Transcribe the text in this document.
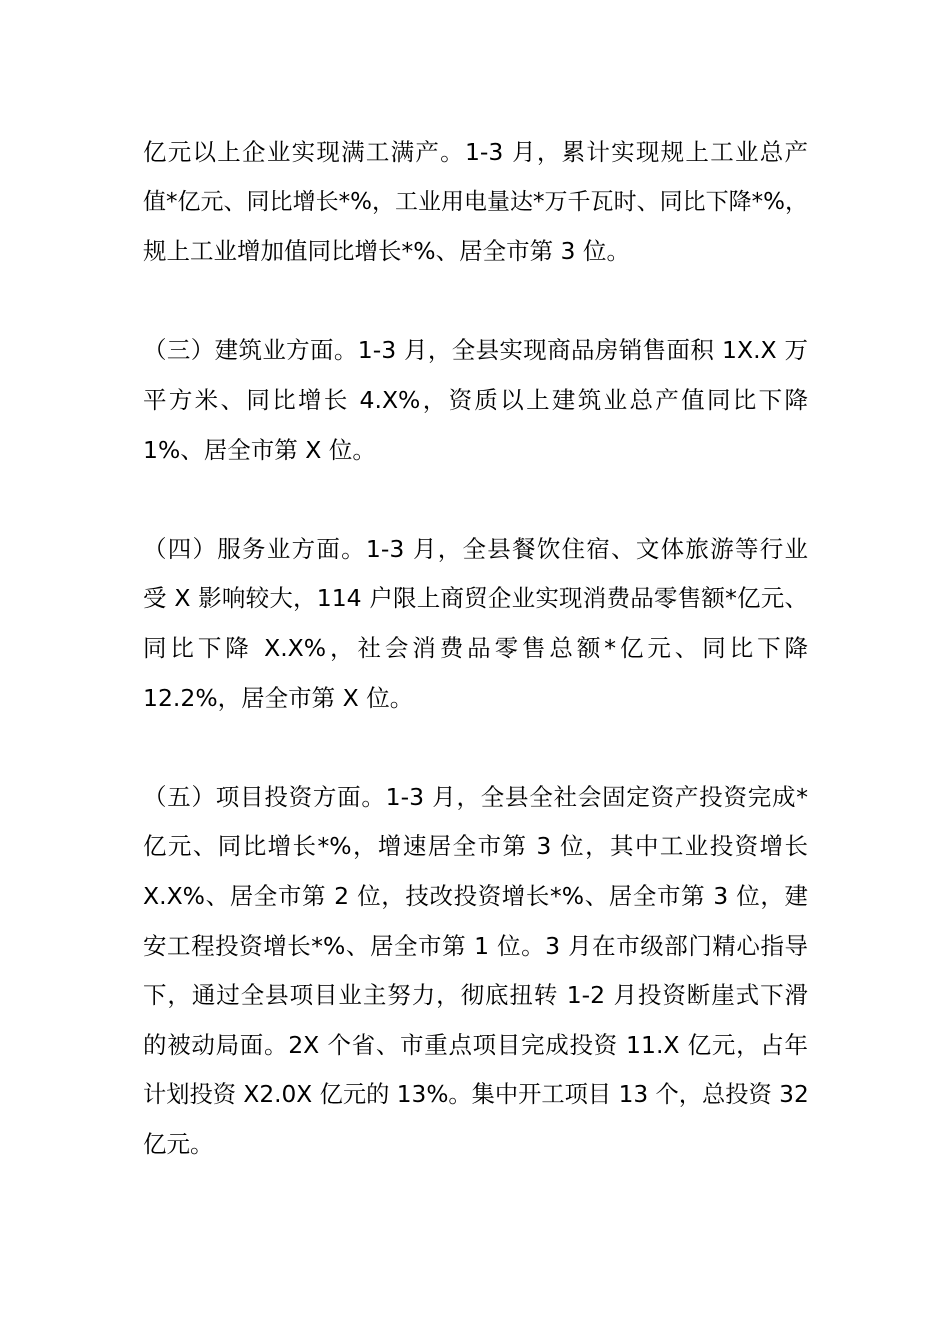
亿元以上企业实现满工满产。1-3 月，累计实现规上工业总产
值*亿元、同比增长*%，工业用电量达*万千瓦时、同比下降*%，
规上工业增加值同比增长*%、居全市第 3 位。

（三）建筑业方面。1-3 月，全县实现商品房销售面积 1X.X 万
平方米、同比增长 4.X%，资质以上建筑业总产值同比下降
1%、居全市第 X 位。

（四）服务业方面。1-3 月，全县餐饮住宿、文体旅游等行业
受 X 影响较大，114 户限上商贸企业实现消费品零售额*亿元、
同比下降 X.X%，社会消费品零售总额*亿元、同比下降
12.2%，居全市第 X 位。

（五）项目投资方面。1-3 月，全县全社会固定资产投资完成*
亿元、同比增长*%，增速居全市第 3 位，其中工业投资增长
X.X%、居全市第 2 位，技改投资增长*%、居全市第 3 位，建
安工程投资增长*%、居全市第 1 位。3 月在市级部门精心指导
下，通过全县项目业主努力，彻底扭转 1-2 月投资断崖式下滑
的被动局面。2X 个省、市重点项目完成投资 11.X 亿元，占年
计划投资 X2.0X 亿元的 13%。集中开工项目 13 个，总投资 32
亿元。
